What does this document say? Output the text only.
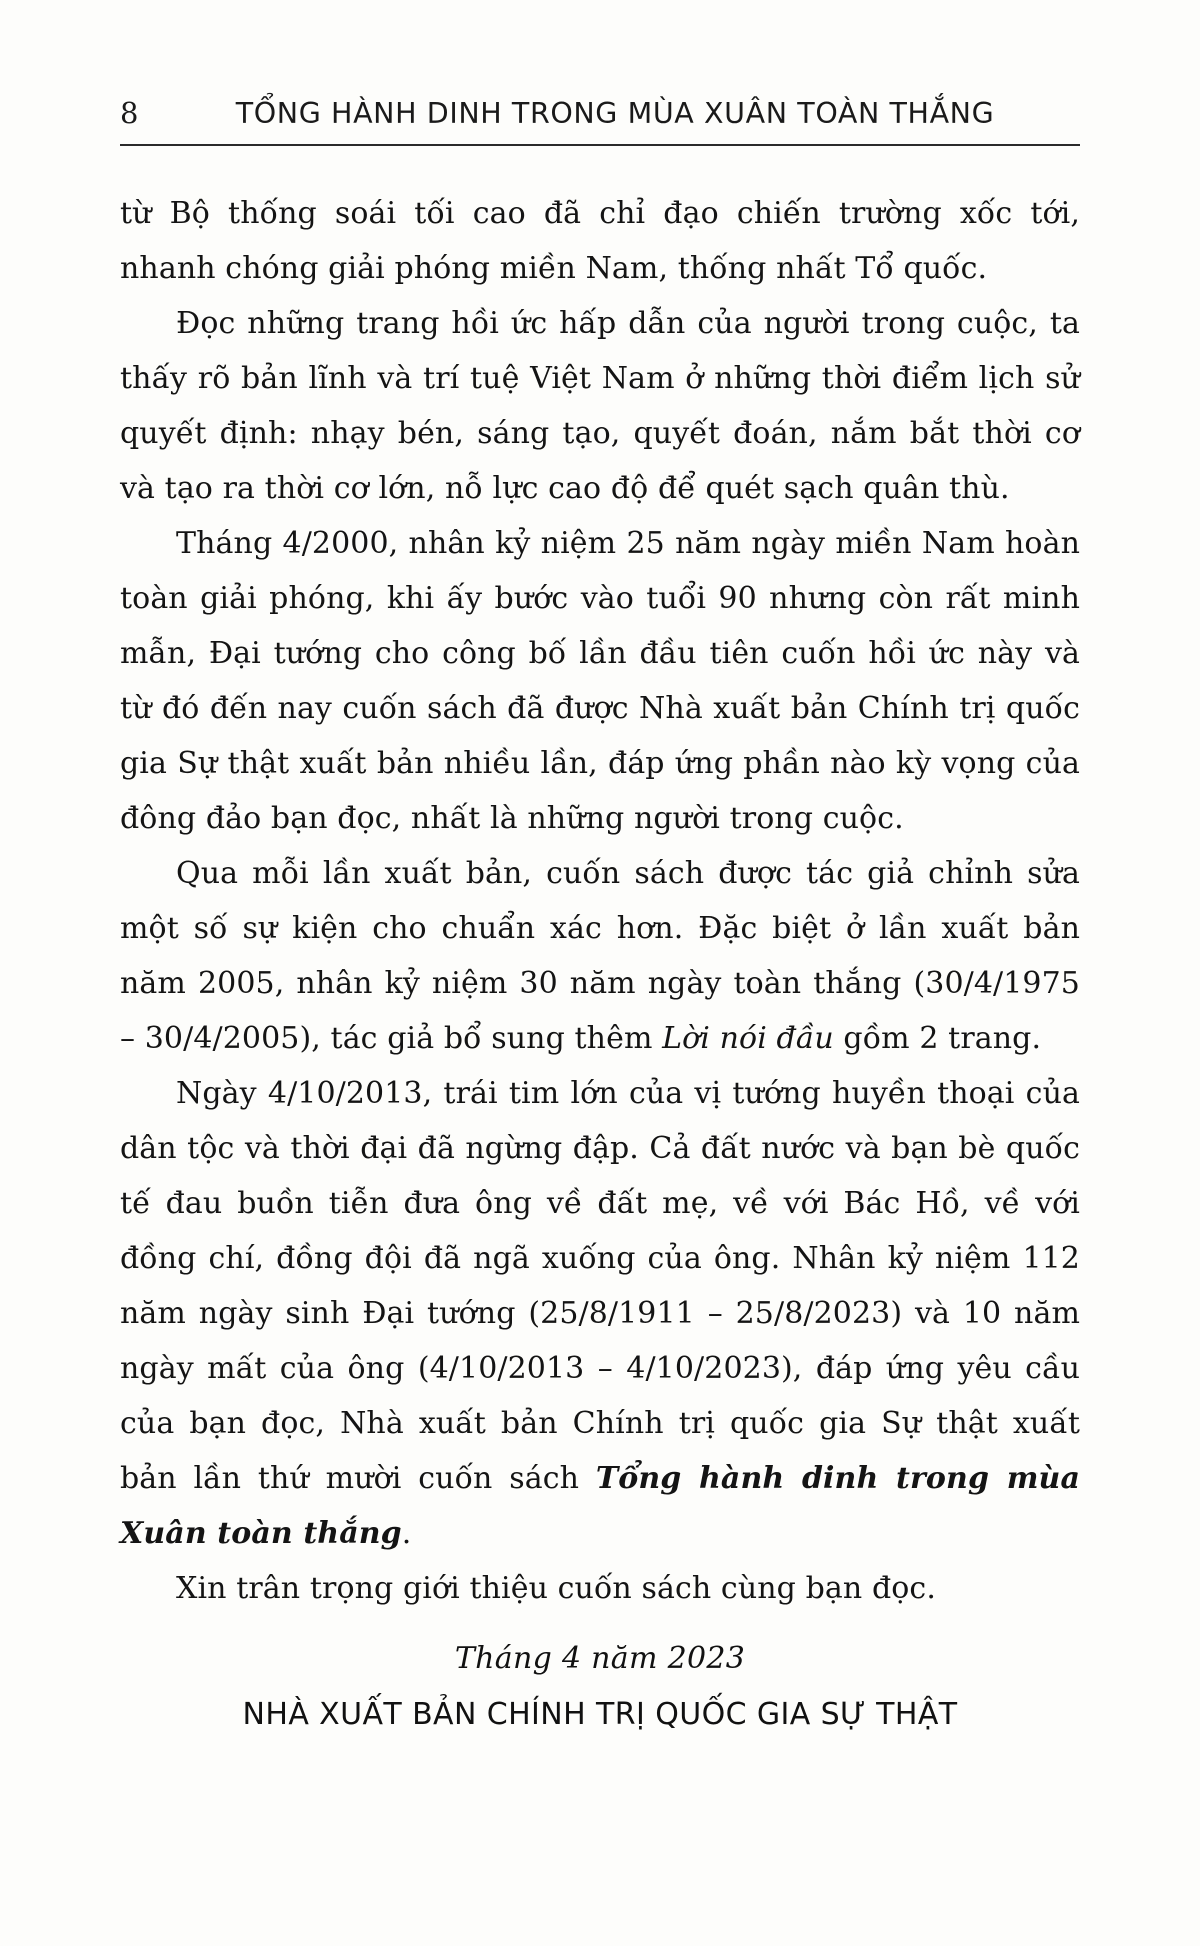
8	TỔNG HÀNH DINH TRONG MÙA XUÂN TOÀN THẮNG

từ Bộ thống soái tối cao đã chỉ đạo chiến trường xốc tới, nhanh chóng giải phóng miền Nam, thống nhất Tổ quốc.

Đọc những trang hồi ức hấp dẫn của người trong cuộc, ta thấy rõ bản lĩnh và trí tuệ Việt Nam ở những thời điểm lịch sử quyết định: nhạy bén, sáng tạo, quyết đoán, nắm bắt thời cơ và tạo ra thời cơ lớn, nỗ lực cao độ để quét sạch quân thù.

Tháng 4/2000, nhân kỷ niệm 25 năm ngày miền Nam hoàn toàn giải phóng, khi ấy bước vào tuổi 90 nhưng còn rất minh mẫn, Đại tướng cho công bố lần đầu tiên cuốn hồi ức này và từ đó đến nay cuốn sách đã được Nhà xuất bản Chính trị quốc gia Sự thật xuất bản nhiều lần, đáp ứng phần nào kỳ vọng của đông đảo bạn đọc, nhất là những người trong cuộc.

Qua mỗi lần xuất bản, cuốn sách được tác giả chỉnh sửa một số sự kiện cho chuẩn xác hơn. Đặc biệt ở lần xuất bản năm 2005, nhân kỷ niệm 30 năm ngày toàn thắng (30/4/1975 – 30/4/2005), tác giả bổ sung thêm Lời nói đầu gồm 2 trang.

Ngày 4/10/2013, trái tim lớn của vị tướng huyền thoại của dân tộc và thời đại đã ngừng đập. Cả đất nước và bạn bè quốc tế đau buồn tiễn đưa ông về đất mẹ, về với Bác Hồ, về với đồng chí, đồng đội đã ngã xuống của ông. Nhân kỷ niệm 112 năm ngày sinh Đại tướng (25/8/1911 – 25/8/2023) và 10 năm ngày mất của ông (4/10/2013 – 4/10/2023), đáp ứng yêu cầu của bạn đọc, Nhà xuất bản Chính trị quốc gia Sự thật xuất bản lần thứ mười cuốn sách Tổng hành dinh trong mùa Xuân toàn thắng.

Xin trân trọng giới thiệu cuốn sách cùng bạn đọc.

Tháng 4 năm 2023
NHÀ XUẤT BẢN CHÍNH TRỊ QUỐC GIA SỰ THẬT
